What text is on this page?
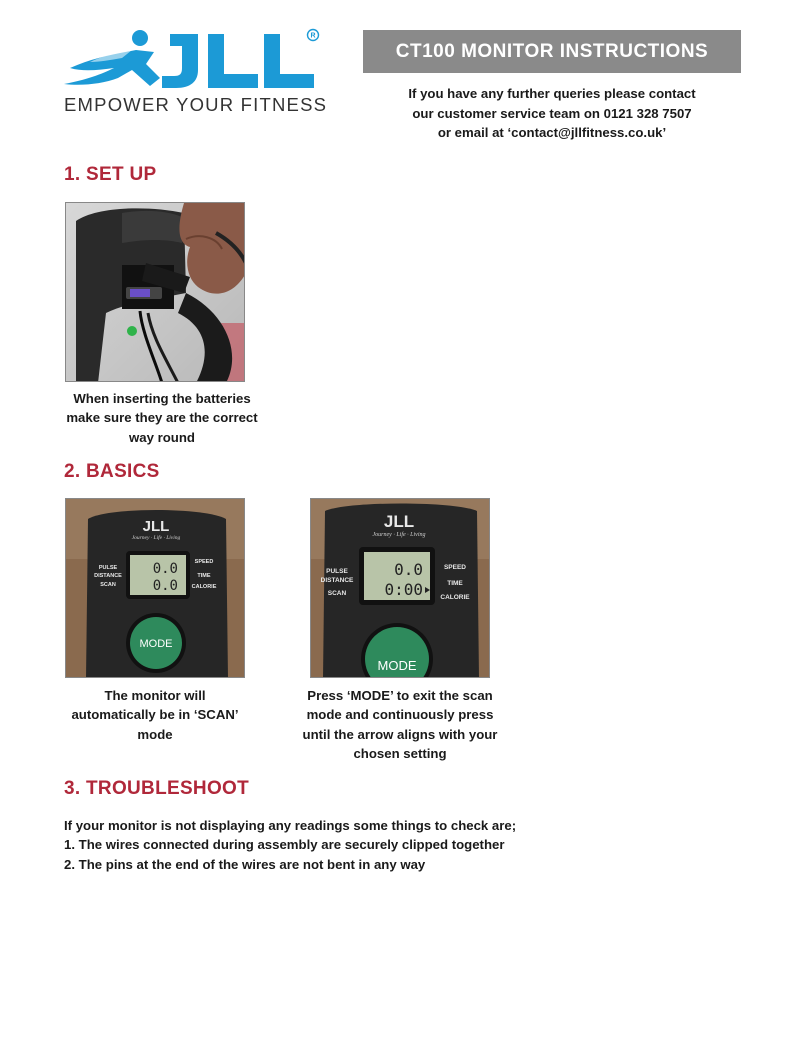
R
EMPOWER YOUR FITNESS
CT100 MONITOR INSTRUCTIONS
If you have any further queries please contact
our customer service team on 0121 328 7507
or email at ‘contact@jllfitness.co.uk’
1. SET UP
When inserting the batteries
make sure they are the correct
way round
2. BASICS
JLL
Journey · Life · Living
0.0
0.0
PULSE
DISTANCE
SCAN
SPEED
TIME
CALORIE
MODE
JLL
Journey · Life · Living
0.0
0:00
PULSE
DISTANCE
SCAN
SPEED
TIME
CALORIE
MODE
The monitor will
automatically be in ‘SCAN’
mode
Press ‘MODE’ to exit the scan
mode and continuously press
until the arrow aligns with your
chosen setting
3. TROUBLESHOOT
If your monitor is not displaying any readings some things to check are;
1. The wires connected during assembly are securely clipped together
2. The pins at the end of the wires are not bent in any way
